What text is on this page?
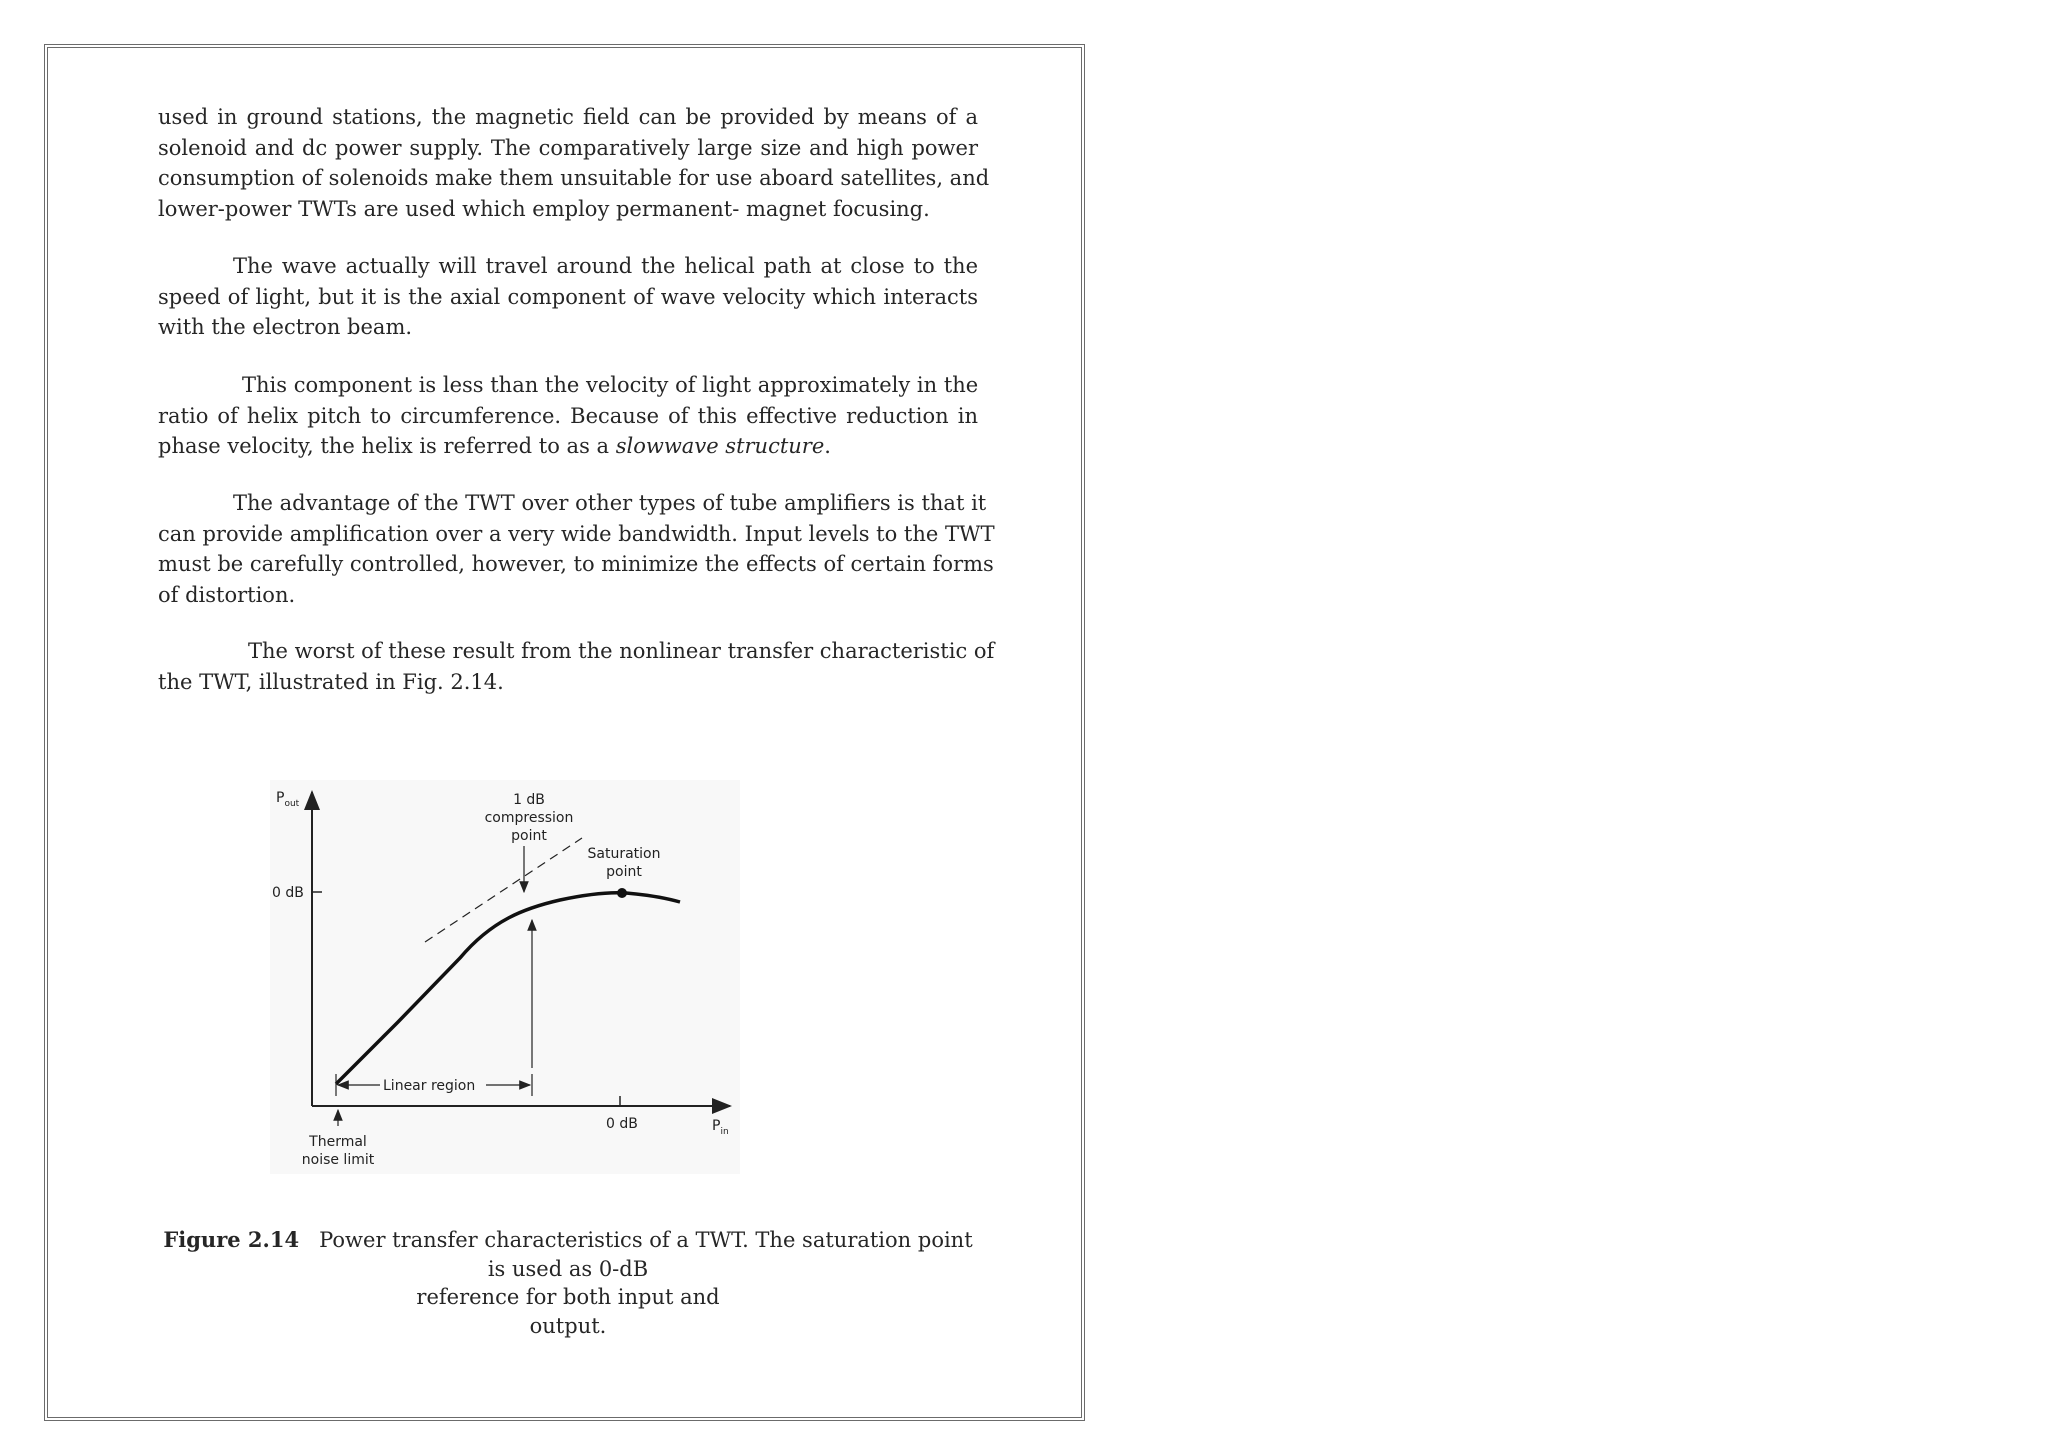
used in ground stations, the magnetic field can be provided by means of a
solenoid and dc power supply. The comparatively large size and high power
consumption of solenoids make them unsuitable for use aboard satellites, and
lower-power TWTs are used which employ permanent- magnet focusing.
The wave actually will travel around the helical path at close to the
speed of light, but it is the axial component of wave velocity which interacts
with the electron beam.
This component is less than the velocity of light approximately in the
ratio of helix pitch to circumference. Because of this effective reduction in
phase velocity, the helix is referred to as a slowwave structure.
The advantage of the TWT over other types of tube amplifiers is that it
can provide amplification over a very wide bandwidth. Input levels to the TWT
must be carefully controlled, however, to minimize the effects of certain forms
of distortion.
The worst of these result from the nonlinear transfer characteristic of
the TWT, illustrated in Fig. 2.14.
$P_{out}$
$P_{in}$
0 dB
0 dB
Linear region
1 dB
compression
point
Saturation
point
Thermal
noise limit
Figure 2.14 Power transfer characteristics of a TWT. The saturation point
is used as 0-dB
reference for both input and
output.
